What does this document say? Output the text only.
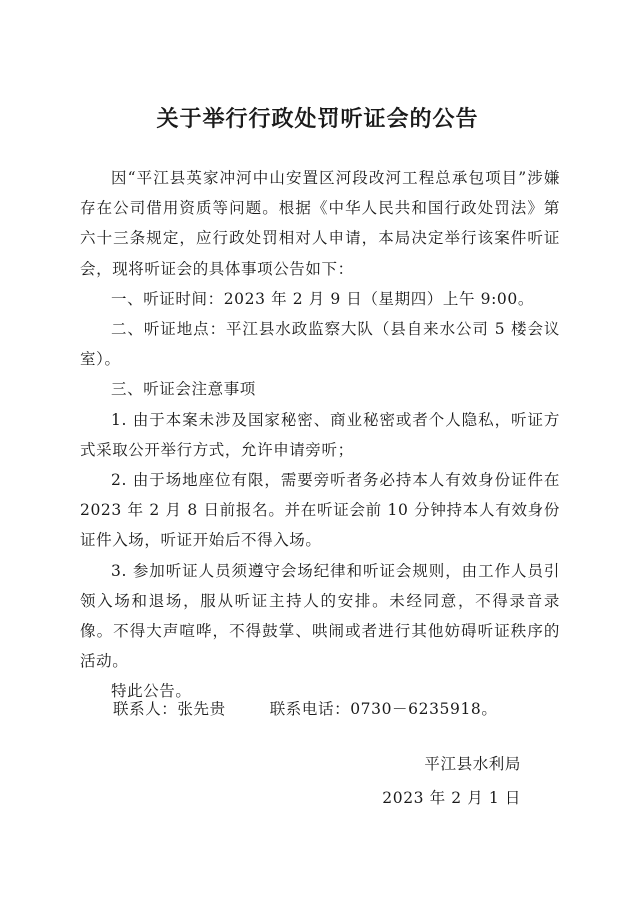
关于举行行政处罚听证会的公告

因“平江县英家冲河中山安置区河段改河工程总承包项目”涉嫌存在公司借用资质等问题。根据《中华人民共和国行政处罚法》第六十三条规定，应行政处罚相对人申请，本局决定举行该案件听证会，现将听证会的具体事项公告如下：

一、听证时间：2023 年 2 月 9 日（星期四）上午 9:00。

二、听证地点：平江县水政监察大队（县自来水公司 5 楼会议室）。

三、听证会注意事项

1. 由于本案未涉及国家秘密、商业秘密或者个人隐私，听证方式采取公开举行方式，允许申请旁听；

2. 由于场地座位有限，需要旁听者务必持本人有效身份证件在 2023 年 2 月 8 日前报名。并在听证会前 10 分钟持本人有效身份证件入场，听证开始后不得入场。

3. 参加听证人员须遵守会场纪律和听证会规则，由工作人员引领入场和退场，服从听证主持人的安排。未经同意，不得录音录像。不得大声喧哗，不得鼓掌、哄闹或者进行其他妨碍听证秩序的活动。

特此公告。

联系人：张先贵	联系电话：0730－6235918。
平江县水利局
2023 年 2 月 1 日
